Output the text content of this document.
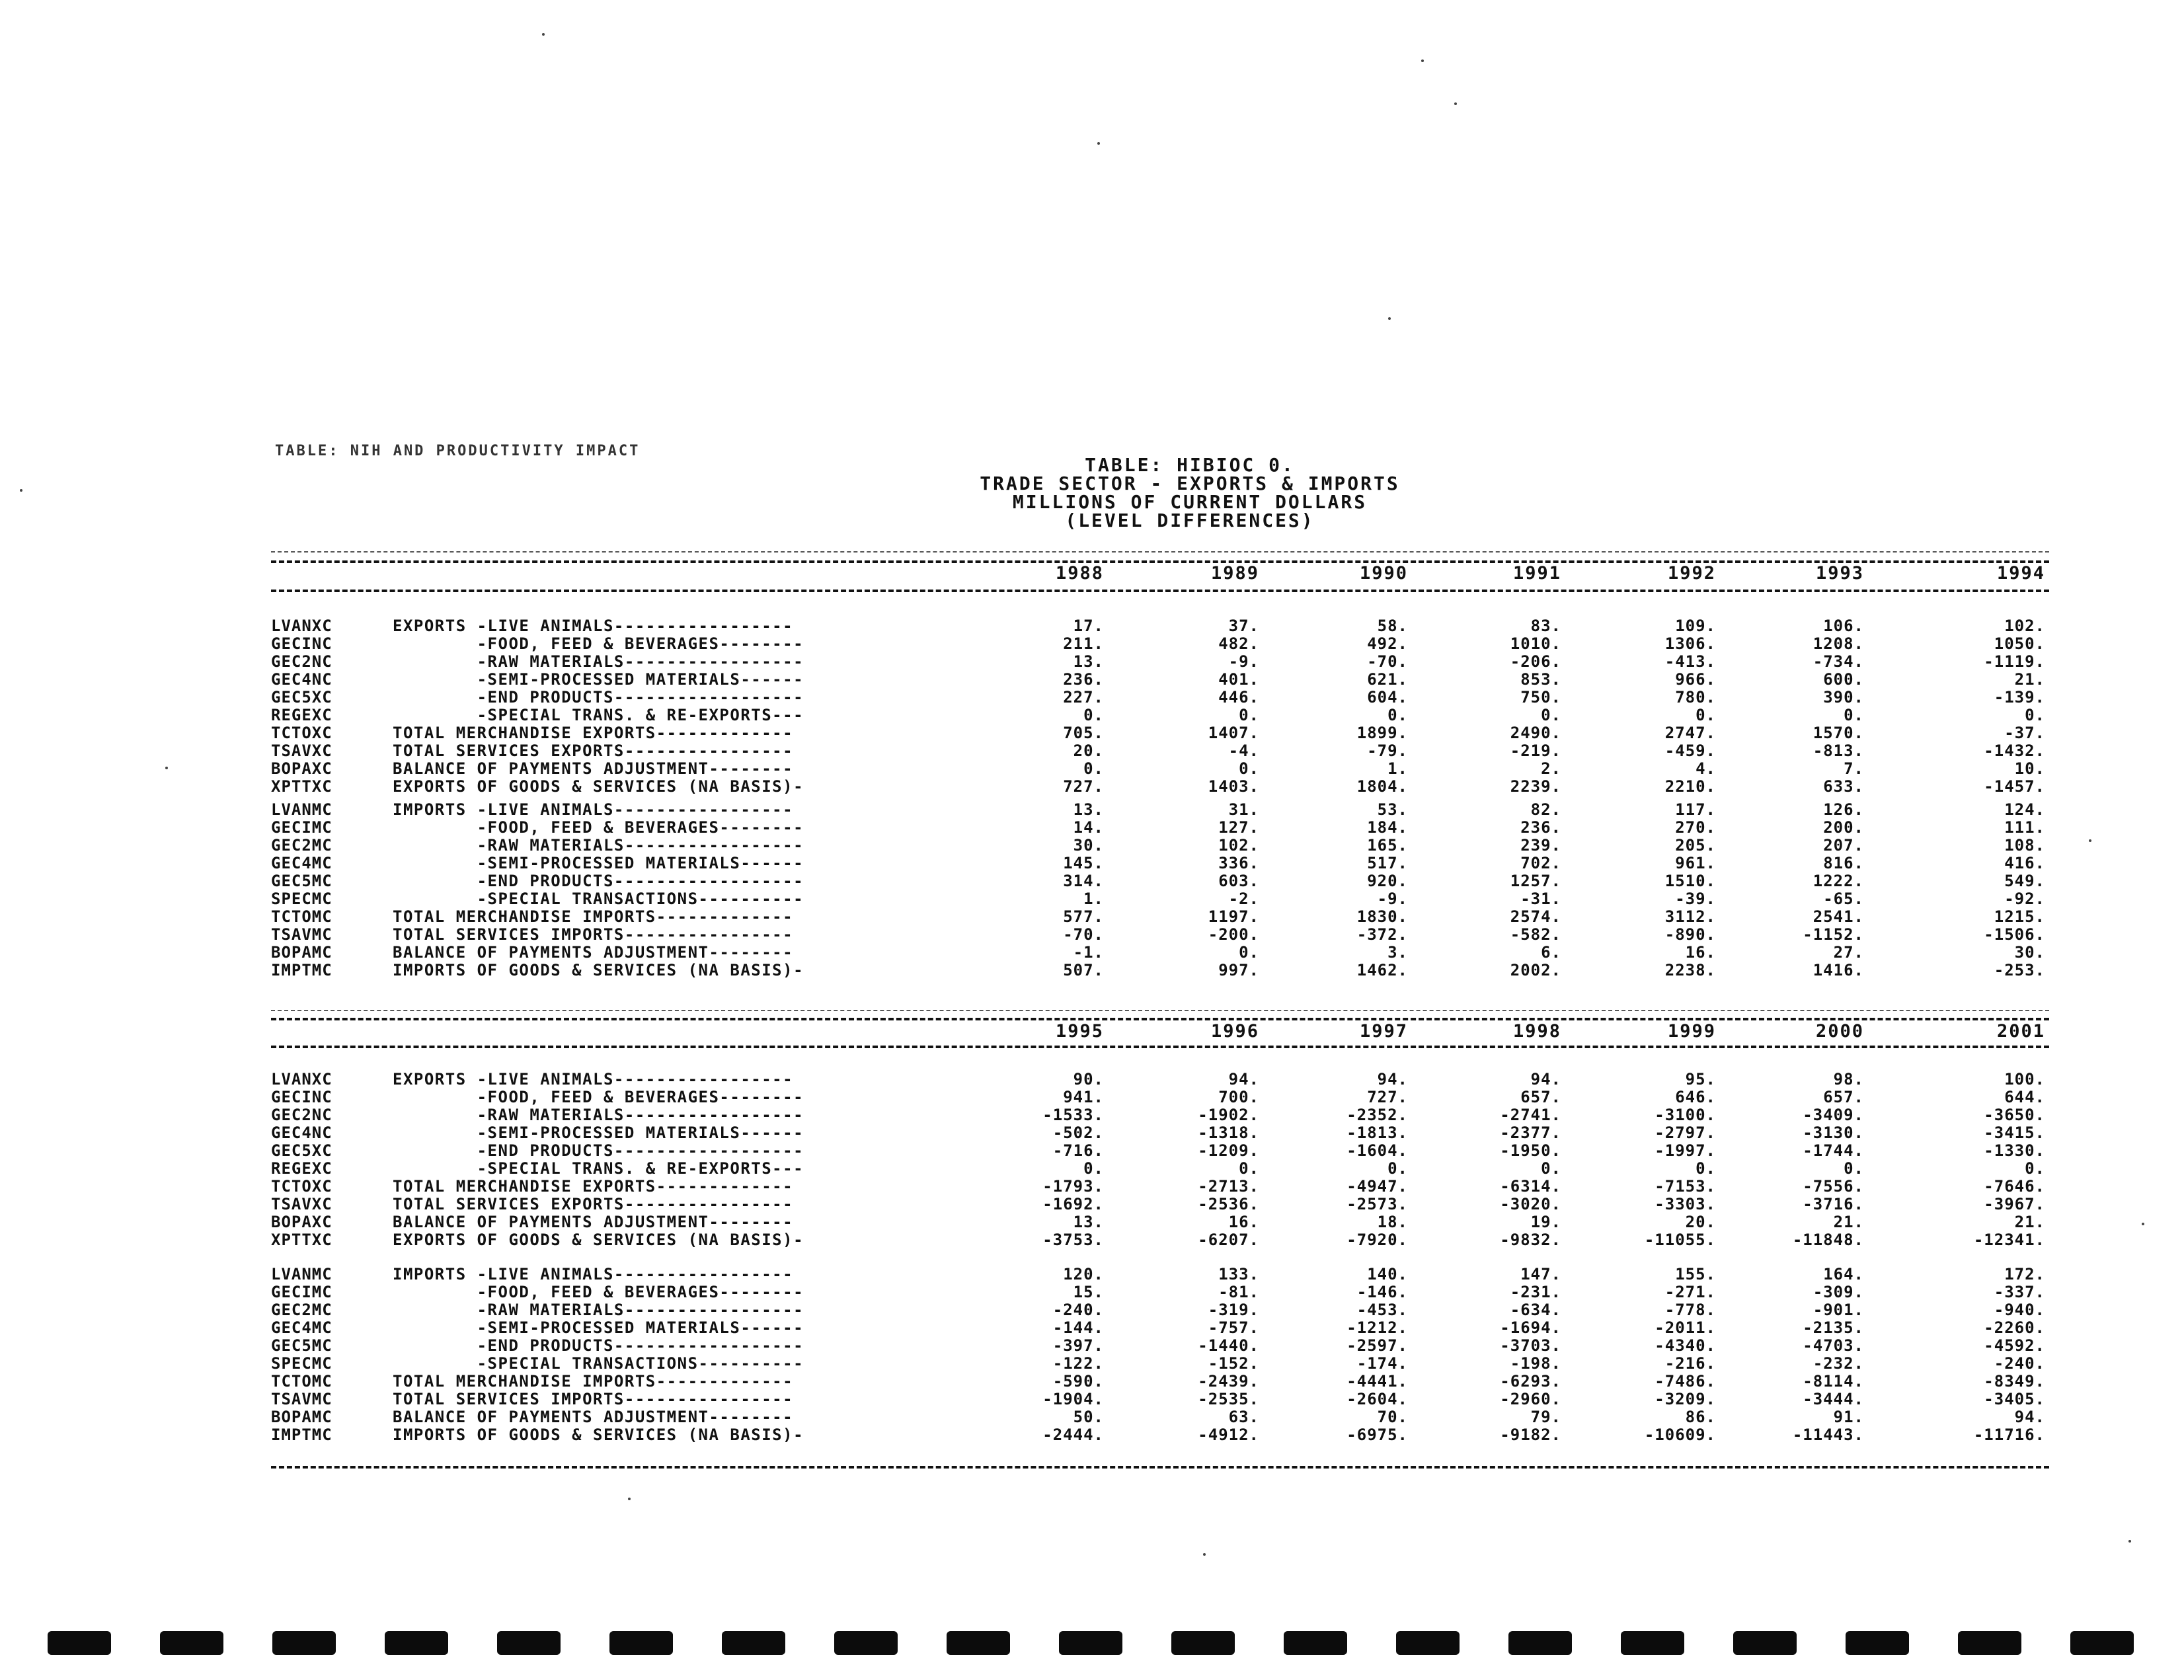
TABLE: NIH AND PRODUCTIVITY IMPACT
TABLE: HIBIOC 0.
TRADE SECTOR - EXPORTS & IMPORTS
MILLIONS OF CURRENT DOLLARS
(LEVEL DIFFERENCES)
1988	1989	1990	1991	1992	1993	1994
LVANXC	EXPORTS -LIVE ANIMALS-----------------	17.	37.	58.	83.	109.	106.	102.
GECINC	-FOOD, FEED & BEVERAGES--------	211.	482.	492.	1010.	1306.	1208.	1050.
GEC2NC	-RAW MATERIALS-----------------	13.	-9.	-70.	-206.	-413.	-734.	-1119.
GEC4NC	-SEMI-PROCESSED MATERIALS------	236.	401.	621.	853.	966.	600.	21.
GEC5XC	-END PRODUCTS------------------	227.	446.	604.	750.	780.	390.	-139.
REGEXC	-SPECIAL TRANS. & RE-EXPORTS---	0.	0.	0.	0.	0.	0.	0.
TCTOXC	TOTAL MERCHANDISE EXPORTS-------------	705.	1407.	1899.	2490.	2747.	1570.	-37.
TSAVXC	TOTAL SERVICES EXPORTS----------------	20.	-4.	-79.	-219.	-459.	-813.	-1432.
BOPAXC	BALANCE OF PAYMENTS ADJUSTMENT--------	0.	0.	1.	2.	4.	7.	10.
XPTTXC	EXPORTS OF GOODS & SERVICES (NA BASIS)-	727.	1403.	1804.	2239.	2210.	633.	-1457.
LVANMC	IMPORTS -LIVE ANIMALS-----------------	13.	31.	53.	82.	117.	126.	124.
GECIMC	-FOOD, FEED & BEVERAGES--------	14.	127.	184.	236.	270.	200.	111.
GEC2MC	-RAW MATERIALS-----------------	30.	102.	165.	239.	205.	207.	108.
GEC4MC	-SEMI-PROCESSED MATERIALS------	145.	336.	517.	702.	961.	816.	416.
GEC5MC	-END PRODUCTS------------------	314.	603.	920.	1257.	1510.	1222.	549.
SPECMC	-SPECIAL TRANSACTIONS----------	1.	-2.	-9.	-31.	-39.	-65.	-92.
TCTOMC	TOTAL MERCHANDISE IMPORTS-------------	577.	1197.	1830.	2574.	3112.	2541.	1215.
TSAVMC	TOTAL SERVICES IMPORTS----------------	-70.	-200.	-372.	-582.	-890.	-1152.	-1506.
BOPAMC	BALANCE OF PAYMENTS ADJUSTMENT--------	-1.	0.	3.	6.	16.	27.	30.
IMPTMC	IMPORTS OF GOODS & SERVICES (NA BASIS)-	507.	997.	1462.	2002.	2238.	1416.	-253.
1995	1996	1997	1998	1999	2000	2001
LVANXC	EXPORTS -LIVE ANIMALS-----------------	90.	94.	94.	94.	95.	98.	100.
GECINC	-FOOD, FEED & BEVERAGES--------	941.	700.	727.	657.	646.	657.	644.
GEC2NC	-RAW MATERIALS-----------------	-1533.	-1902.	-2352.	-2741.	-3100.	-3409.	-3650.
GEC4NC	-SEMI-PROCESSED MATERIALS------	-502.	-1318.	-1813.	-2377.	-2797.	-3130.	-3415.
GEC5XC	-END PRODUCTS------------------	-716.	-1209.	-1604.	-1950.	-1997.	-1744.	-1330.
REGEXC	-SPECIAL TRANS. & RE-EXPORTS---	0.	0.	0.	0.	0.	0.	0.
TCTOXC	TOTAL MERCHANDISE EXPORTS-------------	-1793.	-2713.	-4947.	-6314.	-7153.	-7556.	-7646.
TSAVXC	TOTAL SERVICES EXPORTS----------------	-1692.	-2536.	-2573.	-3020.	-3303.	-3716.	-3967.
BOPAXC	BALANCE OF PAYMENTS ADJUSTMENT--------	13.	16.	18.	19.	20.	21.	21.
XPTTXC	EXPORTS OF GOODS & SERVICES (NA BASIS)-	-3753.	-6207.	-7920.	-9832.	-11055.	-11848.	-12341.
LVANMC	IMPORTS -LIVE ANIMALS-----------------	120.	133.	140.	147.	155.	164.	172.
GECIMC	-FOOD, FEED & BEVERAGES--------	15.	-81.	-146.	-231.	-271.	-309.	-337.
GEC2MC	-RAW MATERIALS-----------------	-240.	-319.	-453.	-634.	-778.	-901.	-940.
GEC4MC	-SEMI-PROCESSED MATERIALS------	-144.	-757.	-1212.	-1694.	-2011.	-2135.	-2260.
GEC5MC	-END PRODUCTS------------------	-397.	-1440.	-2597.	-3703.	-4340.	-4703.	-4592.
SPECMC	-SPECIAL TRANSACTIONS----------	-122.	-152.	-174.	-198.	-216.	-232.	-240.
TCTOMC	TOTAL MERCHANDISE IMPORTS-------------	-590.	-2439.	-4441.	-6293.	-7486.	-8114.	-8349.
TSAVMC	TOTAL SERVICES IMPORTS----------------	-1904.	-2535.	-2604.	-2960.	-3209.	-3444.	-3405.
BOPAMC	BALANCE OF PAYMENTS ADJUSTMENT--------	50.	63.	70.	79.	86.	91.	94.
IMPTMC	IMPORTS OF GOODS & SERVICES (NA BASIS)-	-2444.	-4912.	-6975.	-9182.	-10609.	-11443.	-11716.
